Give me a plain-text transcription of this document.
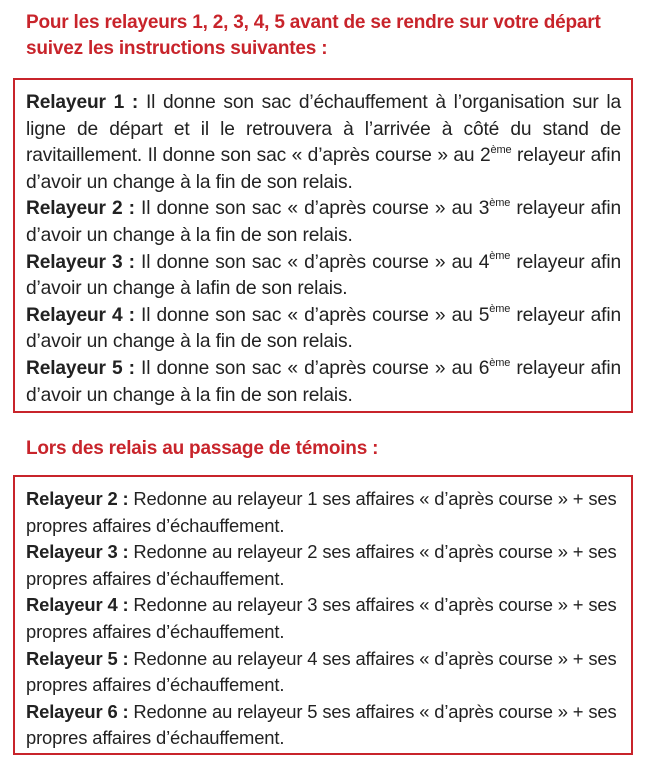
Pour les relayeurs 1, 2, 3, 4, 5 avant de se rendre sur votre départ suivez les instructions suivantes :
Relayeur 1 : Il donne son sac d’échauffement à l’organisation sur la ligne de départ et il le retrouvera à l’arrivée à côté du stand de ravitaillement. Il donne son sac « d’après course » au 2ème relayeur afin d’avoir un change à la fin de son relais.
Relayeur 2 : Il donne son sac « d’après course » au 3ème relayeur afin d’avoir un change à la fin de son relais.
Relayeur 3 : Il donne son sac « d’après course » au 4ème relayeur afin d’avoir un change à lafin de son relais.
Relayeur 4 : Il donne son sac « d’après course » au 5ème relayeur afin d’avoir un change à la fin de son relais.
Relayeur 5 : Il donne son sac « d’après course » au 6ème relayeur afin d’avoir un change à la fin de son relais.
Lors des relais au passage de témoins :
Relayeur 2 : Redonne au relayeur 1 ses affaires « d’après course » + ses propres affaires d’échauffement.
Relayeur 3 : Redonne au relayeur 2 ses affaires « d’après course » + ses propres affaires d’échauffement.
Relayeur 4 : Redonne au relayeur 3 ses affaires « d’après course » + ses propres affaires d’échauffement.
Relayeur 5 : Redonne au relayeur 4 ses affaires « d’après course » + ses propres affaires d’échauffement.
Relayeur 6 : Redonne au relayeur 5 ses affaires « d’après course » + ses propres affaires d’échauffement.
